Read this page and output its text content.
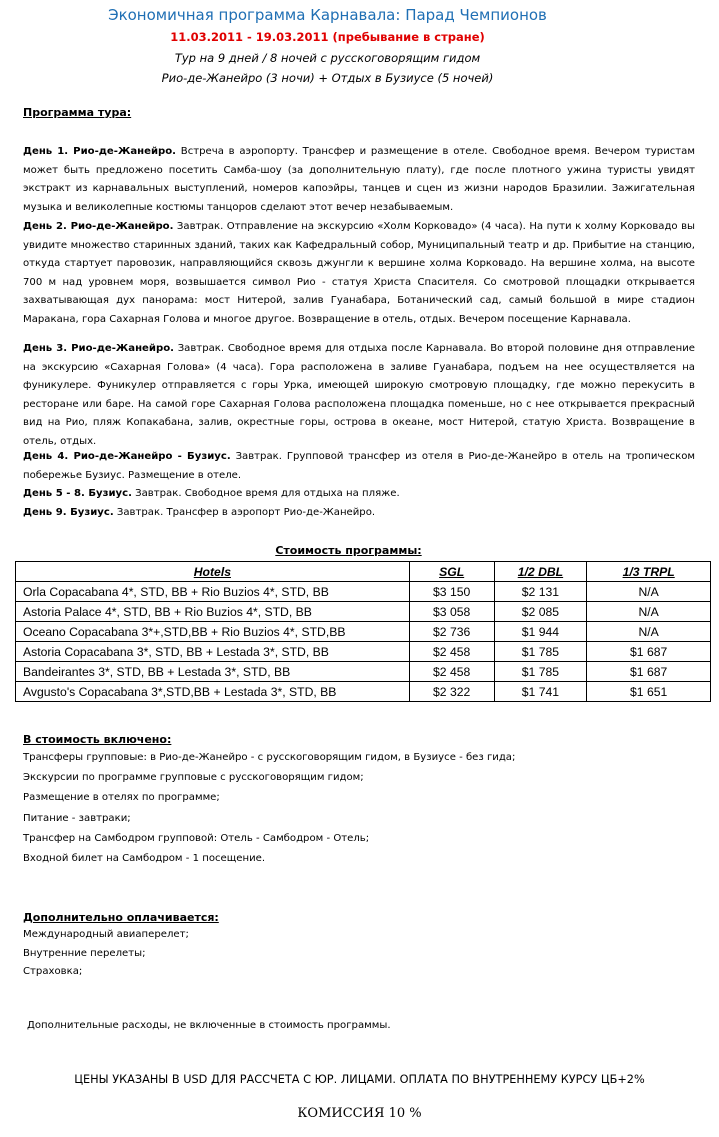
Экономичная программа Карнавала: Парад Чемпионов
11.03.2011 - 19.03.2011 (пребывание в стране)
Тур на 9 дней / 8 ночей с русскоговорящим гидом
Рио-де-Жанейро (3 ночи) + Отдых в Бузиусе (5 ночей)
Программа тура:
День 1. Рио-де-Жанейро. Встреча в аэропорту. Трансфер и размещение в отеле. Свободное время. Вечером туристам может быть предложено посетить Самба-шоу (за дополнительную плату), где после плотного ужина туристы увидят экстракт из карнавальных выступлений, номеров капоэйры, танцев и сцен из жизни народов Бразилии. Зажигательная музыка и великолепные костюмы танцоров сделают этот вечер незабываемым.
День 2. Рио-де-Жанейро. Завтрак. Отправление на экскурсию «Холм Корковадо» (4 часа). На пути к холму Корковадо вы увидите множество старинных зданий, таких как Кафедральный собор, Муниципальный театр и др. Прибытие на станцию, откуда стартует паровозик, направляющийся сквозь джунгли к вершине холма Корковадо. На вершине холма, на высоте 700 м над уровнем моря, возвышается символ Рио - статуя Христа Спасителя. Со смотровой площадки открывается захватывающая дух панорама: мост Нитерой, залив Гуанабара, Ботанический сад, самый большой в мире стадион Маракана, гора Сахарная Голова и многое другое. Возвращение в отель, отдых. Вечером посещение Карнавала.
День 3. Рио-де-Жанейро. Завтрак. Свободное время для отдыха после Карнавала. Во второй половине дня отправление на экскурсию «Сахарная Голова» (4 часа). Гора расположена в заливе Гуанабара, подъем на нее осуществляется на фуникулере. Фуникулер отправляется с горы Урка, имеющей широкую смотровую площадку, где можно перекусить в ресторане или баре. На самой горе Сахарная Голова расположена площадка поменьше, но с нее открывается прекрасный вид на Рио, пляж Копакабана, залив, окрестные горы, острова в океане, мост Нитерой, статую Христа. Возвращение в отель, отдых.
День 4. Рио-де-Жанейро - Бузиус. Завтрак. Групповой трансфер из отеля в Рио-де-Жанейро в отель на тропическом побережье Бузиус. Размещение в отеле.
День 5 - 8. Бузиус. Завтрак. Свободное время для отдыха на пляже.
День 9. Бузиус. Завтрак. Трансфер в аэропорт Рио-де-Жанейро.
Стоимость программы:
Hotels	SGL	1/2 DBL	1/3 TRPL
Orla Copacabana 4*, STD, BB + Rio Buzios 4*, STD, BB	$3 150	$2 131	N/A
Astoria Palace 4*, STD, BB + Rio Buzios 4*, STD, BB	$3 058	$2 085	N/A
Oceano Copacabana 3*+,STD,BB + Rio Buzios 4*, STD,BB	$2 736	$1 944	N/A
Astoria Copacabana 3*, STD, BB + Lestada 3*, STD, BB	$2 458	$1 785	$1 687
Bandeirantes 3*, STD, BB + Lestada 3*, STD, BB	$2 458	$1 785	$1 687
Avgusto's Copacabana 3*,STD,BB + Lestada 3*, STD, BB	$2 322	$1 741	$1 651
В стоимость включено:
Трансферы групповые: в Рио-де-Жанейро - с русскоговорящим гидом, в Бузиусе - без гида;
Экскурсии по программе групповые с русскоговорящим гидом;
Размещение в отелях по программе;
Питание - завтраки;
Трансфер на Самбодром групповой: Отель - Самбодром - Отель;
Входной билет на Самбодром - 1 посещение.
Дополнительно оплачивается:
Международный авиаперелет;
Внутренние перелеты;
Страховка;
Дополнительные расходы, не включенные в стоимость программы.
ЦЕНЫ УКАЗАНЫ В USD ДЛЯ РАССЧЕТА С ЮР. ЛИЦАМИ. ОПЛАТА ПО ВНУТРЕННЕМУ КУРСУ ЦБ+2%
КОМИССИЯ 10 %
